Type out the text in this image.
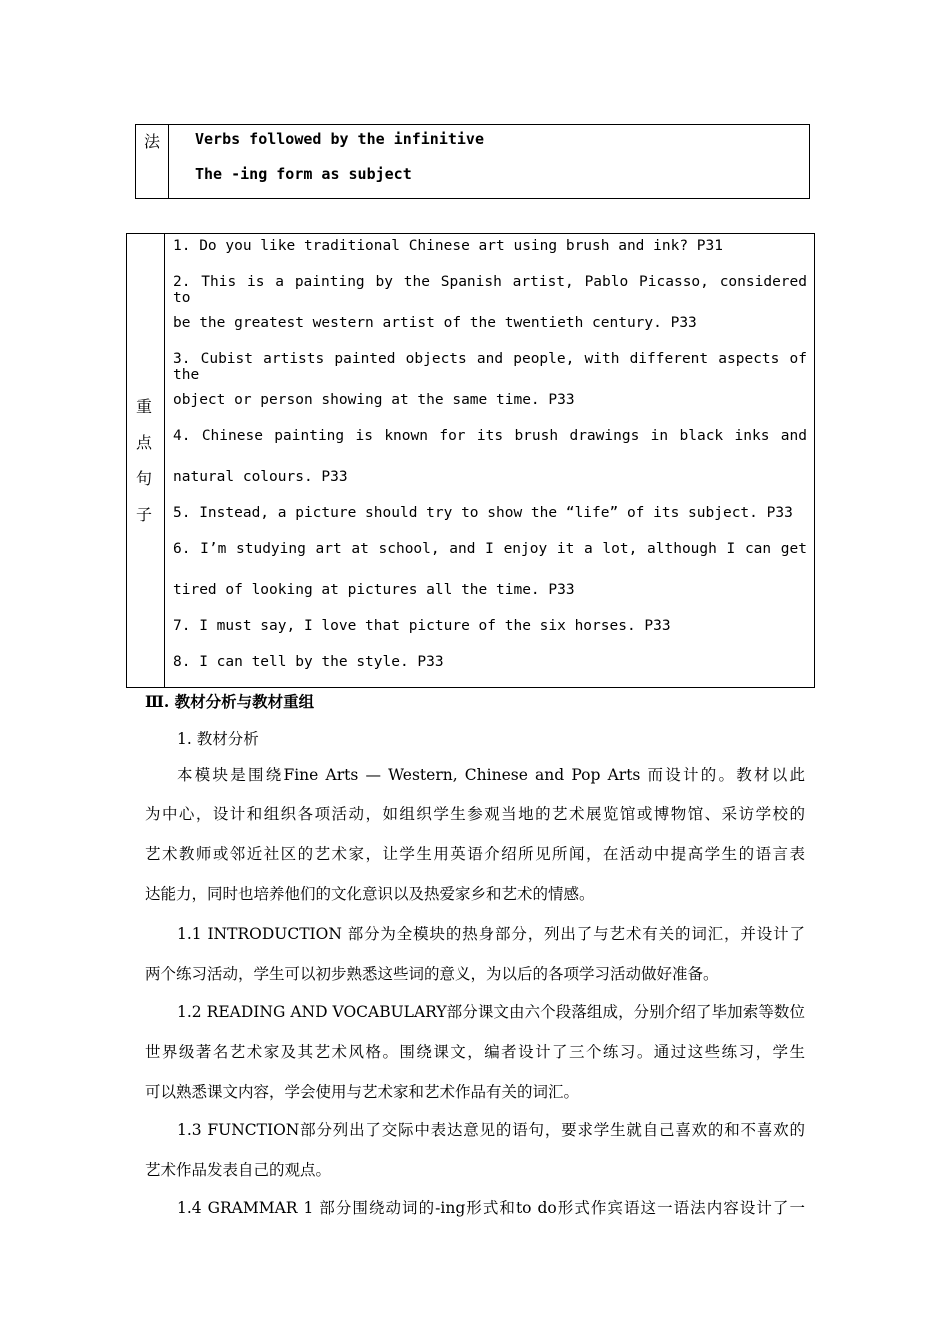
法 Verbs followed by the infinitive
The -ing form as subject
重
点
句
子
1. Do you like traditional Chinese art using brush and ink? P31
2. This is a painting by the Spanish artist, Pablo Picasso, considered to
be the greatest western artist of the twentieth century. P33
3. Cubist artists painted objects and people, with different aspects of the
object or person showing at the same time. P33
4. Chinese painting is known for its brush drawings in black inks and
natural colours. P33
5. Instead, a picture should try to show the “life” of its subject. P33
6. I’m studying art at school, and I enjoy it a lot, although I can get
tired of looking at pictures all the time. P33
7. I must say, I love that picture of the six horses. P33
8. I can tell by the style. P33
Ⅲ. 教材分析与教材重组
1. 教材分析
本模块是围绕Fine Arts — Western, Chinese and Pop Arts 而设计的。教材以此
为中心，设计和组织各项活动，如组织学生参观当地的艺术展览馆或博物馆、采访学校的
艺术教师或邻近社区的艺术家，让学生用英语介绍所见所闻，在活动中提高学生的语言表
达能力，同时也培养他们的文化意识以及热爱家乡和艺术的情感。
1.1 INTRODUCTION 部分为全模块的热身部分，列出了与艺术有关的词汇，并设计了
两个练习活动，学生可以初步熟悉这些词的意义，为以后的各项学习活动做好准备。
1.2 READING AND VOCABULARY部分课文由六个段落组成，分别介绍了毕加索等数位
世界级著名艺术家及其艺术风格。围绕课文，编者设计了三个练习。通过这些练习，学生
可以熟悉课文内容，学会使用与艺术家和艺术作品有关的词汇。
1.3 FUNCTION部分列出了交际中表达意见的语句，要求学生就自己喜欢的和不喜欢的
艺术作品发表自己的观点。
1.4 GRAMMAR 1 部分围绕动词的-ing形式和to do形式作宾语这一语法内容设计了一
